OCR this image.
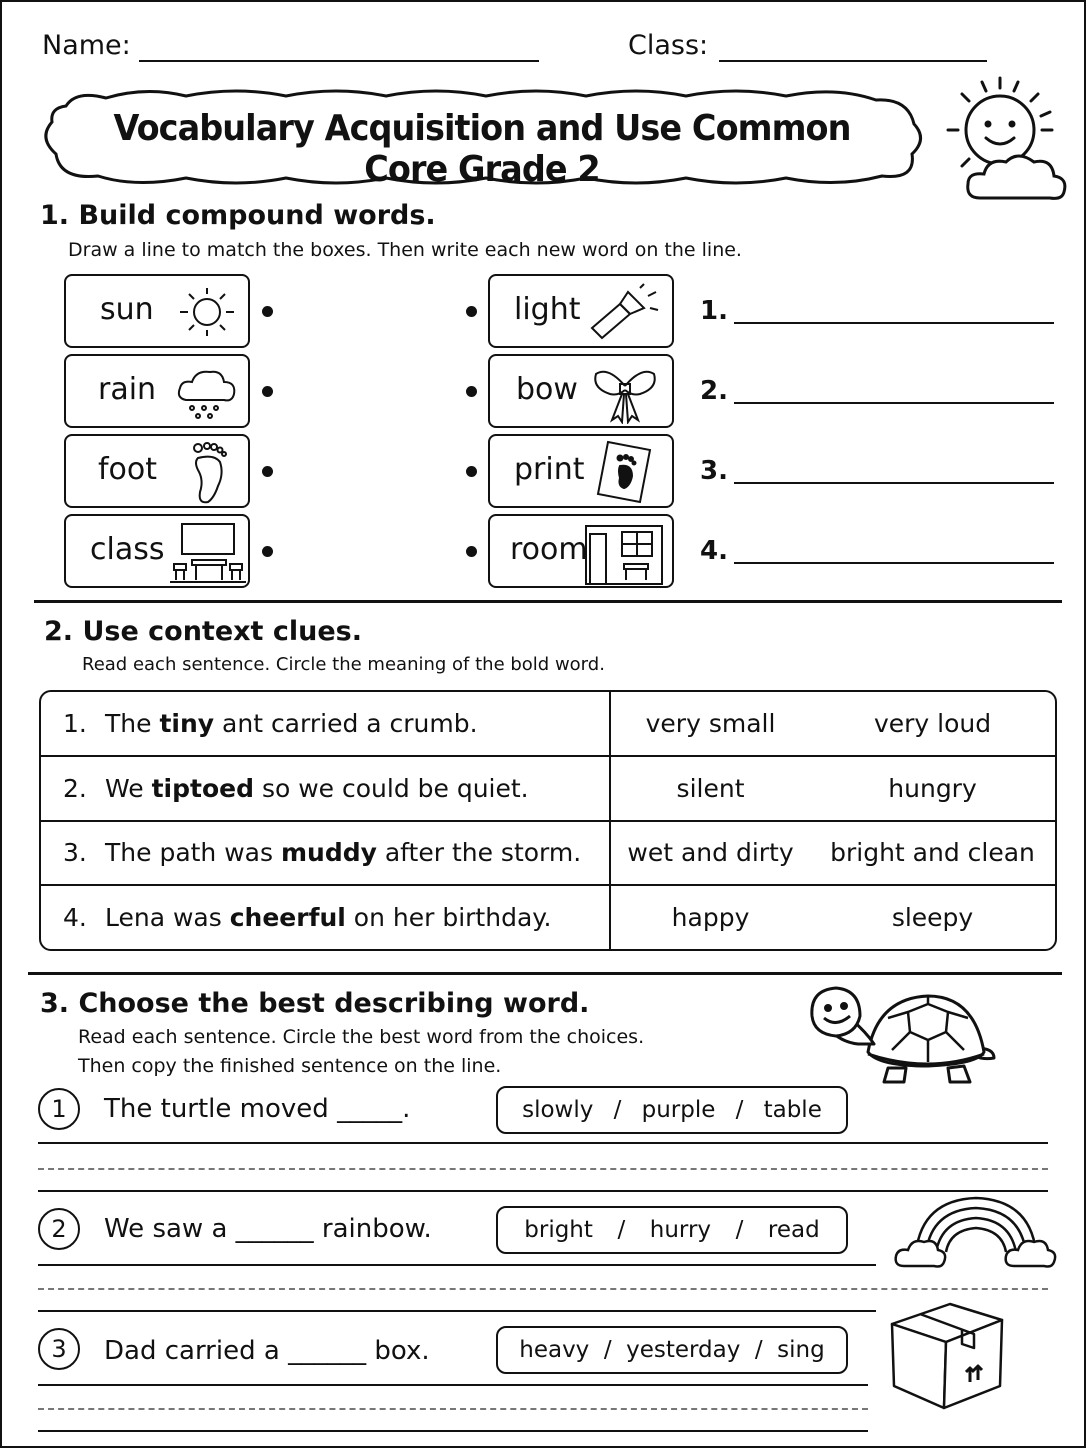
Name:	Class:
Vocabulary Acquisition and Use Common Core Grade 2
1. Build compound words.
Draw a line to match the boxes. Then write each new word on the line.
sun
rain
foot
class
light
bow
print
room
1.
2.
3.
4.
2. Use context clues.
Read each sentence. Circle the meaning of the bold word.
1. The tiny ant carried a crumb.	very small	very loud
2. We tiptoed so we could be quiet.	silent	hungry
3. The path was muddy after the storm.	wet and dirty	bright and clean
4. Lena was cheerful on her birthday.	happy	sleepy
3. Choose the best describing word.
Read each sentence. Circle the best word from the choices.
Then copy the finished sentence on the line.
1	The turtle moved _____.	slowly / purple / table
2	We saw a ______ rainbow.	bright / hurry / read
3	Dad carried a ______ box.	heavy / yesterday / sing
